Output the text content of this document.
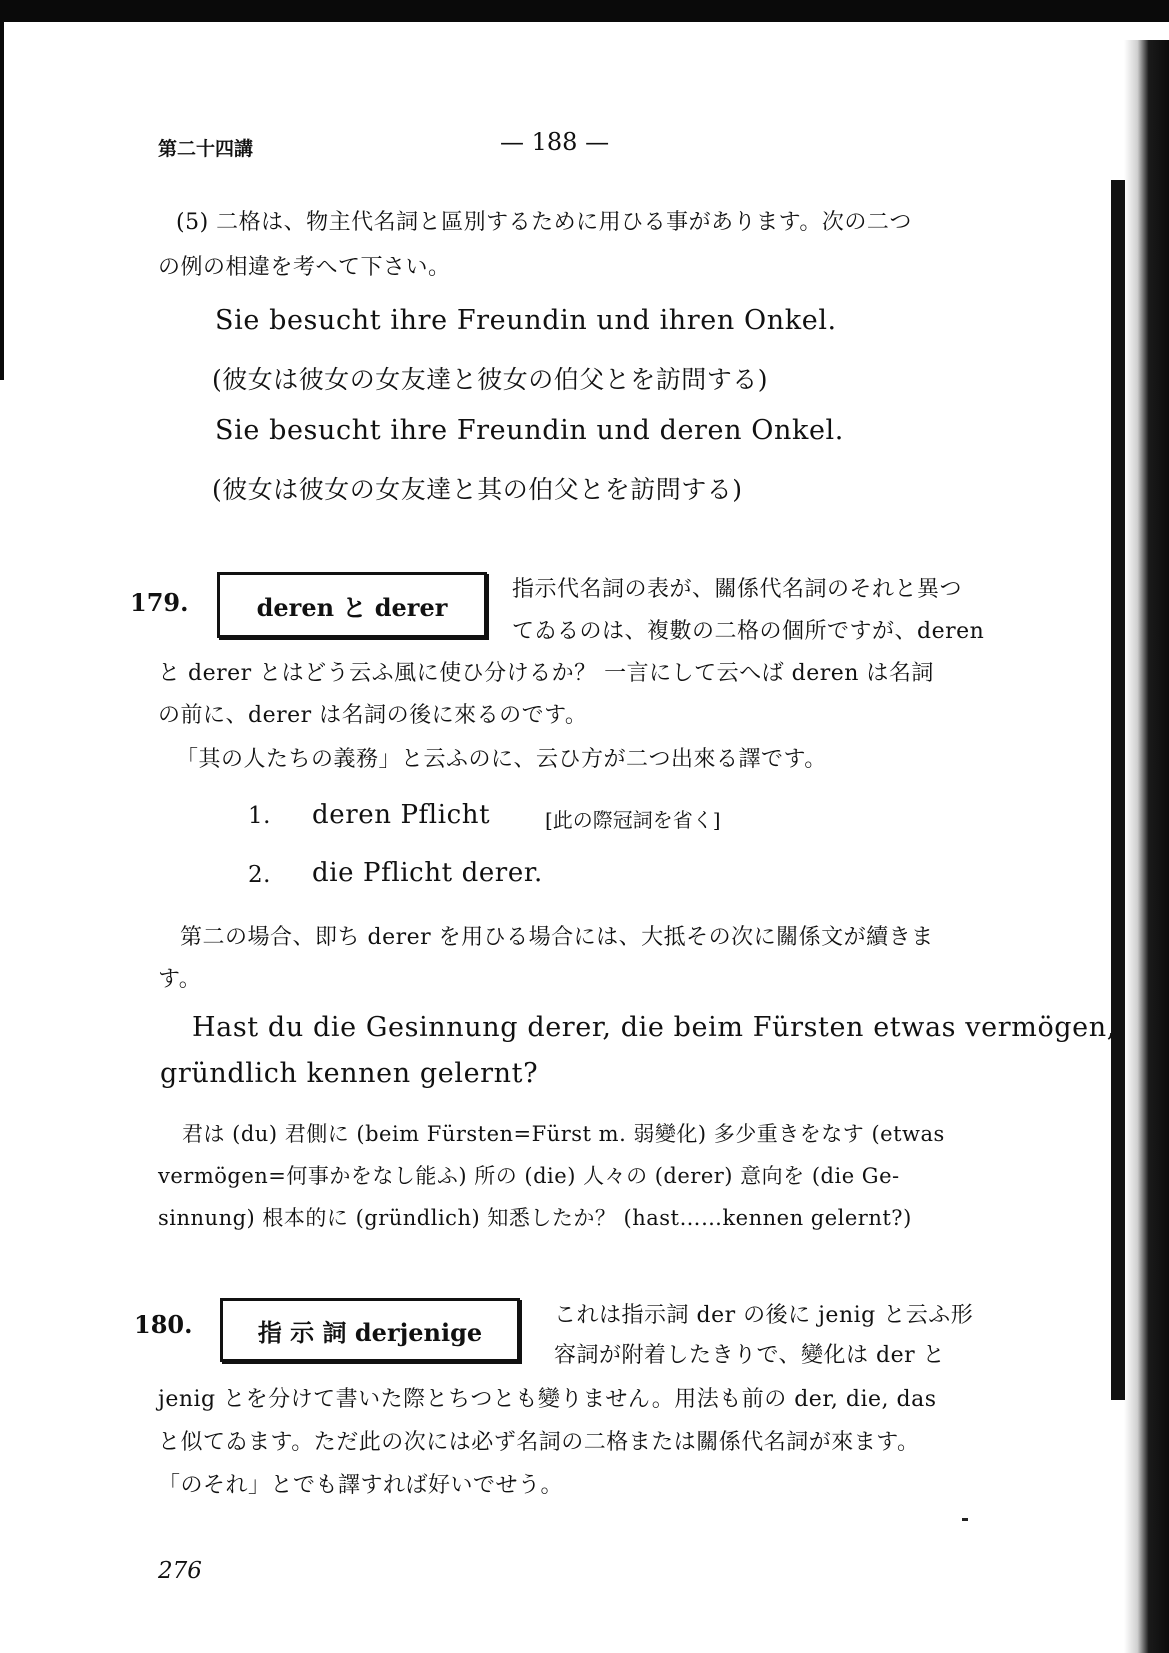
第二十四講	— 188 —
(5) 二格は、物主代名詞と區別するために用ひる事があります。次の二つ
の例の相違を考へて下さい。
Sie besucht ihre Freundin und ihren Onkel.
(彼女は彼女の女友達と彼女の伯父とを訪問する)
Sie besucht ihre Freundin und deren Onkel.
(彼女は彼女の女友達と其の伯父とを訪問する)
179.	deren と derer
指示代名詞の表が、關係代名詞のそれと異つ
てゐるのは、複數の二格の個所ですが、deren
と derer とはどう云ふ風に使ひ分けるか？ 一言にして云へば deren は名詞
の前に、derer は名詞の後に來るのです。
「其の人たちの義務」と云ふのに、云ひ方が二つ出來る譯です。
1. deren Pflicht	[此の際冠詞を省く]
2. die Pflicht derer.
第二の場合、即ち derer を用ひる場合には、大抵その次に關係文が續きま
す。
Hast du die Gesinnung derer, die beim Fürsten etwas vermögen,
gründlich kennen gelernt?
君は (du) 君側に (beim Fürsten=Fürst m. 弱變化) 多少重きをなす (etwas
vermögen=何事かをなし能ふ) 所の (die) 人々の (derer) 意向を (die Ge-
sinnung) 根本的に (gründlich) 知悉したか？ (hast……kennen gelernt?)
180.	指 示 詞 derjenige
これは指示詞 der の後に jenig と云ふ形
容詞が附着したきりで、變化は der と
jenig とを分けて書いた際とちつとも變りません。用法も前の der, die, das
と似てゐます。ただ此の次には必ず名詞の二格または關係代名詞が來ます。
「のそれ」とでも譯すれば好いでせう。
276
